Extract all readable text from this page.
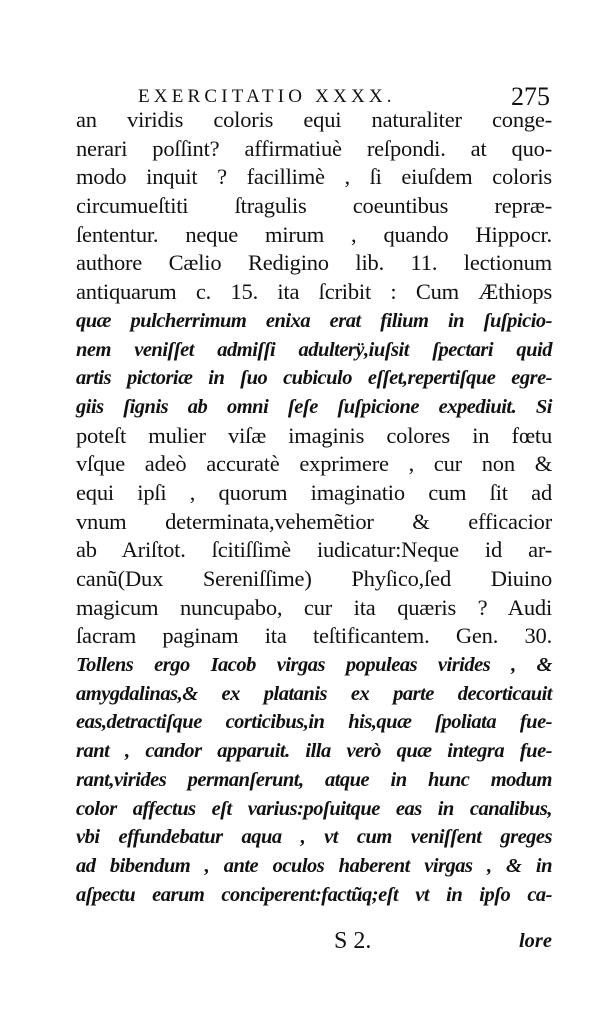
EXERCITATIO XXXX.	275
an viridis coloris equi naturaliter conge-
nerari poſſint? affirmatiuè reſpondi. at quo-
modo inquit ? facillimè , ſi eiuſdem coloris
circumueſtiti ſtragulis coeuntibus repræ-
ſententur. neque mirum , quando Hippocr.
authore Cælio Redigino lib. 11. lectionum
antiquarum c. 15. ita ſcribit : Cum Æthiops
quæ pulcherrimum enixa erat filium in ſuſpicio-
nem veniſſet admiſſi adulterÿ,iuſsit ſpectari quid
artis pictoriæ in ſuo cubiculo eſſet,repertiſque egre-
giis ſignis ab omni ſeſe ſuſpicione expediuit. Si
poteſt mulier viſæ imaginis colores in fœtu
vſque adeò accuratè exprimere , cur non &
equi ipſi , quorum imaginatio cum ſit ad
vnum determinata,vehemẽtior & efficacior
ab Ariſtot. ſcitiſſimè iudicatur:Neque id ar-
canũ(Dux Sereniſſime) Phyſico,ſed Diuino
magicum nuncupabo, cur ita quæris ? Audi
ſacram paginam ita teſtificantem. Gen. 30.
Tollens ergo Iacob virgas populeas virides , &
amygdalinas,& ex platanis ex parte decorticauit
eas,detractiſque corticibus,in his,quæ ſpoliata fue-
rant , candor apparuit. illa verò quæ integra fue-
rant,virides permanſerunt, atque in hunc modum
color affectus eſt varius:poſuitque eas in canalibus,
vbi effundebatur aqua , vt cum veniſſent greges
ad bibendum , ante oculos haberent virgas , & in
aſpectu earum conciperent:factũq;eſt vt in ipſo ca-
S 2.	lore
